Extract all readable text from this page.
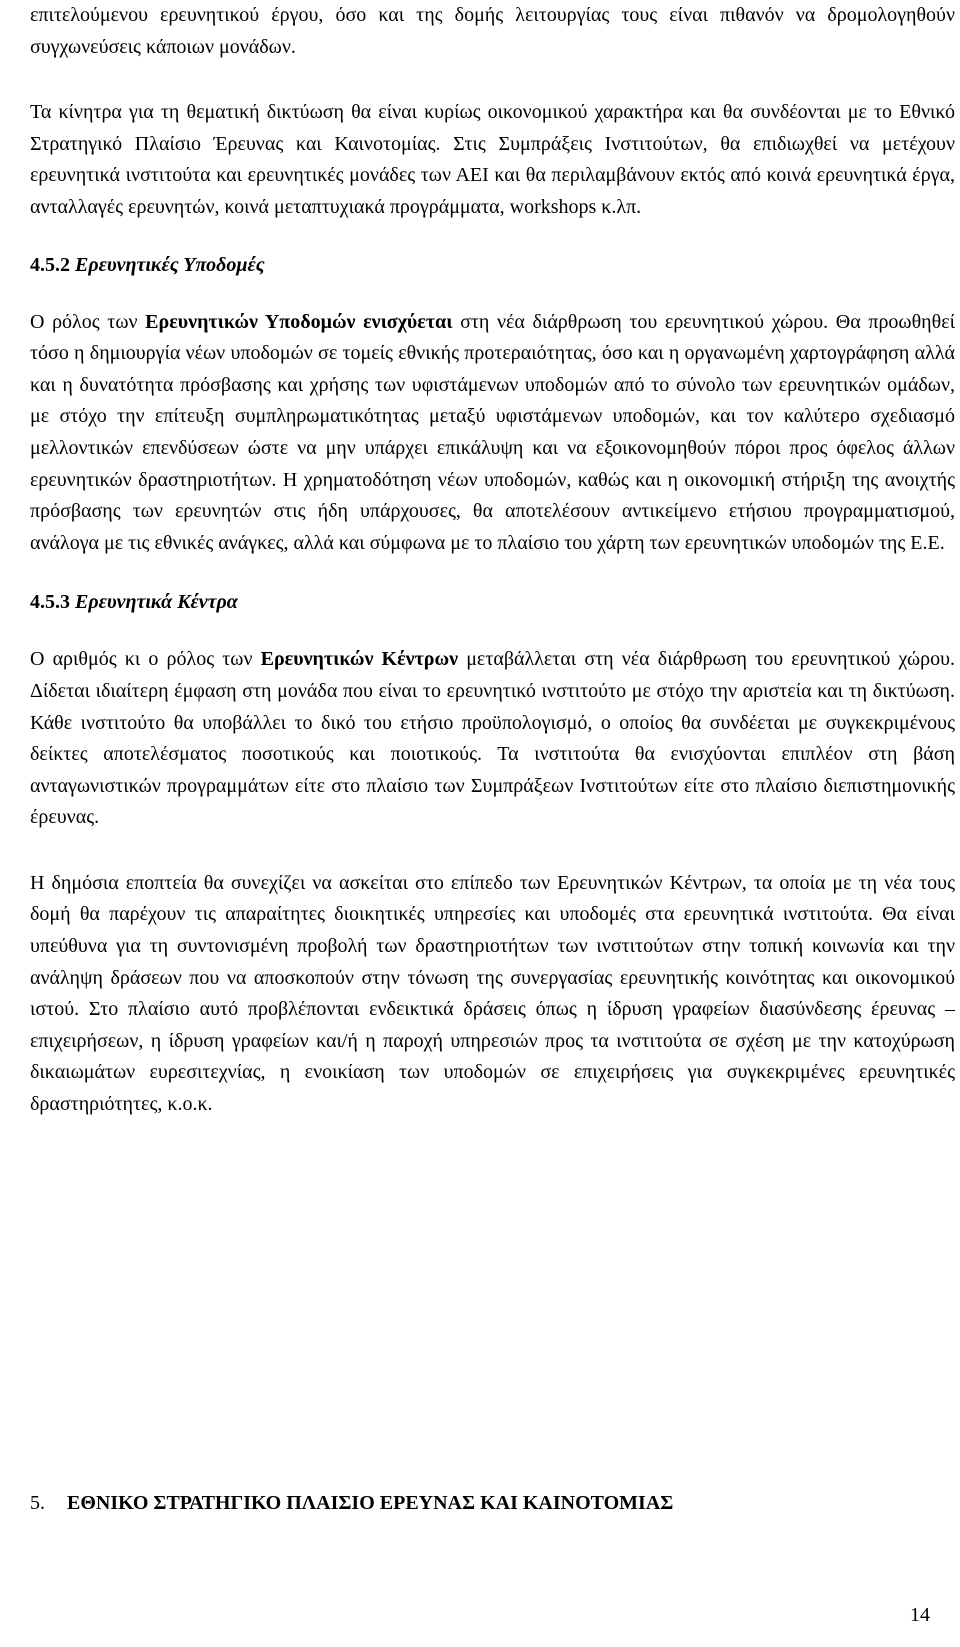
επιτελούμενου ερευνητικού έργου, όσο και της δομής λειτουργίας τους είναι πιθανόν να δρομολογηθούν συγχωνεύσεις κάποιων μονάδων.

Τα κίνητρα για τη θεματική δικτύωση θα είναι κυρίως οικονομικού χαρακτήρα και θα συνδέονται με το Εθνικό Στρατηγικό Πλαίσιο Έρευνας και Καινοτομίας. Στις Συμπράξεις Ινστιτούτων, θα επιδιωχθεί να μετέχουν ερευνητικά ινστιτούτα και ερευνητικές μονάδες των ΑΕΙ και θα περιλαμβάνουν εκτός από κοινά ερευνητικά έργα, ανταλλαγές ερευνητών, κοινά μεταπτυχιακά προγράμματα, workshops κ.λπ.

4.5.2 Ερευνητικές Υποδομές

Ο ρόλος των Ερευνητικών Υποδομών ενισχύεται στη νέα διάρθρωση του ερευνητικού χώρου. Θα προωθηθεί τόσο η δημιουργία νέων υποδομών σε τομείς εθνικής προτεραιότητας, όσο και η οργανωμένη χαρτογράφηση αλλά και η δυνατότητα πρόσβασης και χρήσης των υφιστάμενων υποδομών από το σύνολο των ερευνητικών ομάδων, με στόχο την επίτευξη συμπληρωματικότητας μεταξύ υφιστάμενων υποδομών, και τον καλύτερο σχεδιασμό μελλοντικών επενδύσεων ώστε να μην υπάρχει επικάλυψη και να εξοικονομηθούν πόροι προς όφελος άλλων ερευνητικών δραστηριοτήτων. Η χρηματοδότηση νέων υποδομών, καθώς και η οικονομική στήριξη της ανοιχτής πρόσβασης των ερευνητών στις ήδη υπάρχουσες, θα αποτελέσουν αντικείμενο ετήσιου προγραμματισμού, ανάλογα με τις εθνικές ανάγκες, αλλά και σύμφωνα με το πλαίσιο του χάρτη των ερευνητικών υποδομών της Ε.Ε.

4.5.3 Ερευνητικά Κέντρα

Ο αριθμός κι ο ρόλος των Ερευνητικών Κέντρων μεταβάλλεται στη νέα διάρθρωση του ερευνητικού χώρου. Δίδεται ιδιαίτερη έμφαση στη μονάδα που είναι το ερευνητικό ινστιτούτο με στόχο την αριστεία και τη δικτύωση. Κάθε ινστιτούτο θα υποβάλλει το δικό του ετήσιο προϋπολογισμό, ο οποίος θα συνδέεται με συγκεκριμένους δείκτες αποτελέσματος ποσοτικούς και ποιοτικούς. Τα ινστιτούτα θα ενισχύονται επιπλέον στη βάση ανταγωνιστικών προγραμμάτων είτε στο πλαίσιο των Συμπράξεων Ινστιτούτων είτε στο πλαίσιο διεπιστημονικής έρευνας.

Η δημόσια εποπτεία θα συνεχίζει να ασκείται στο επίπεδο των Ερευνητικών Κέντρων, τα οποία με τη νέα τους δομή θα παρέχουν τις απαραίτητες διοικητικές υπηρεσίες και υποδομές στα ερευνητικά ινστιτούτα. Θα είναι υπεύθυνα για τη συντονισμένη προβολή των δραστηριοτήτων των ινστιτούτων στην τοπική κοινωνία και την ανάληψη δράσεων που να αποσκοπούν στην τόνωση της συνεργασίας ερευνητικής κοινότητας και οικονομικού ιστού. Στο πλαίσιο αυτό προβλέπονται ενδεικτικά δράσεις όπως η ίδρυση γραφείων διασύνδεσης έρευνας – επιχειρήσεων, η ίδρυση γραφείων και/ή η παροχή υπηρεσιών προς τα ινστιτούτα σε σχέση με την κατοχύρωση δικαιωμάτων ευρεσιτεχνίας, η ενοικίαση των υποδομών σε επιχειρήσεις για συγκεκριμένες ερευνητικές δραστηριότητες, κ.ο.κ.

5. ΕΘΝΙΚΟ ΣΤΡΑΤΗΓΙΚΟ ΠΛΑΙΣΙΟ ΕΡΕΥΝΑΣ ΚΑΙ ΚΑΙΝΟΤΟΜΙΑΣ
14
